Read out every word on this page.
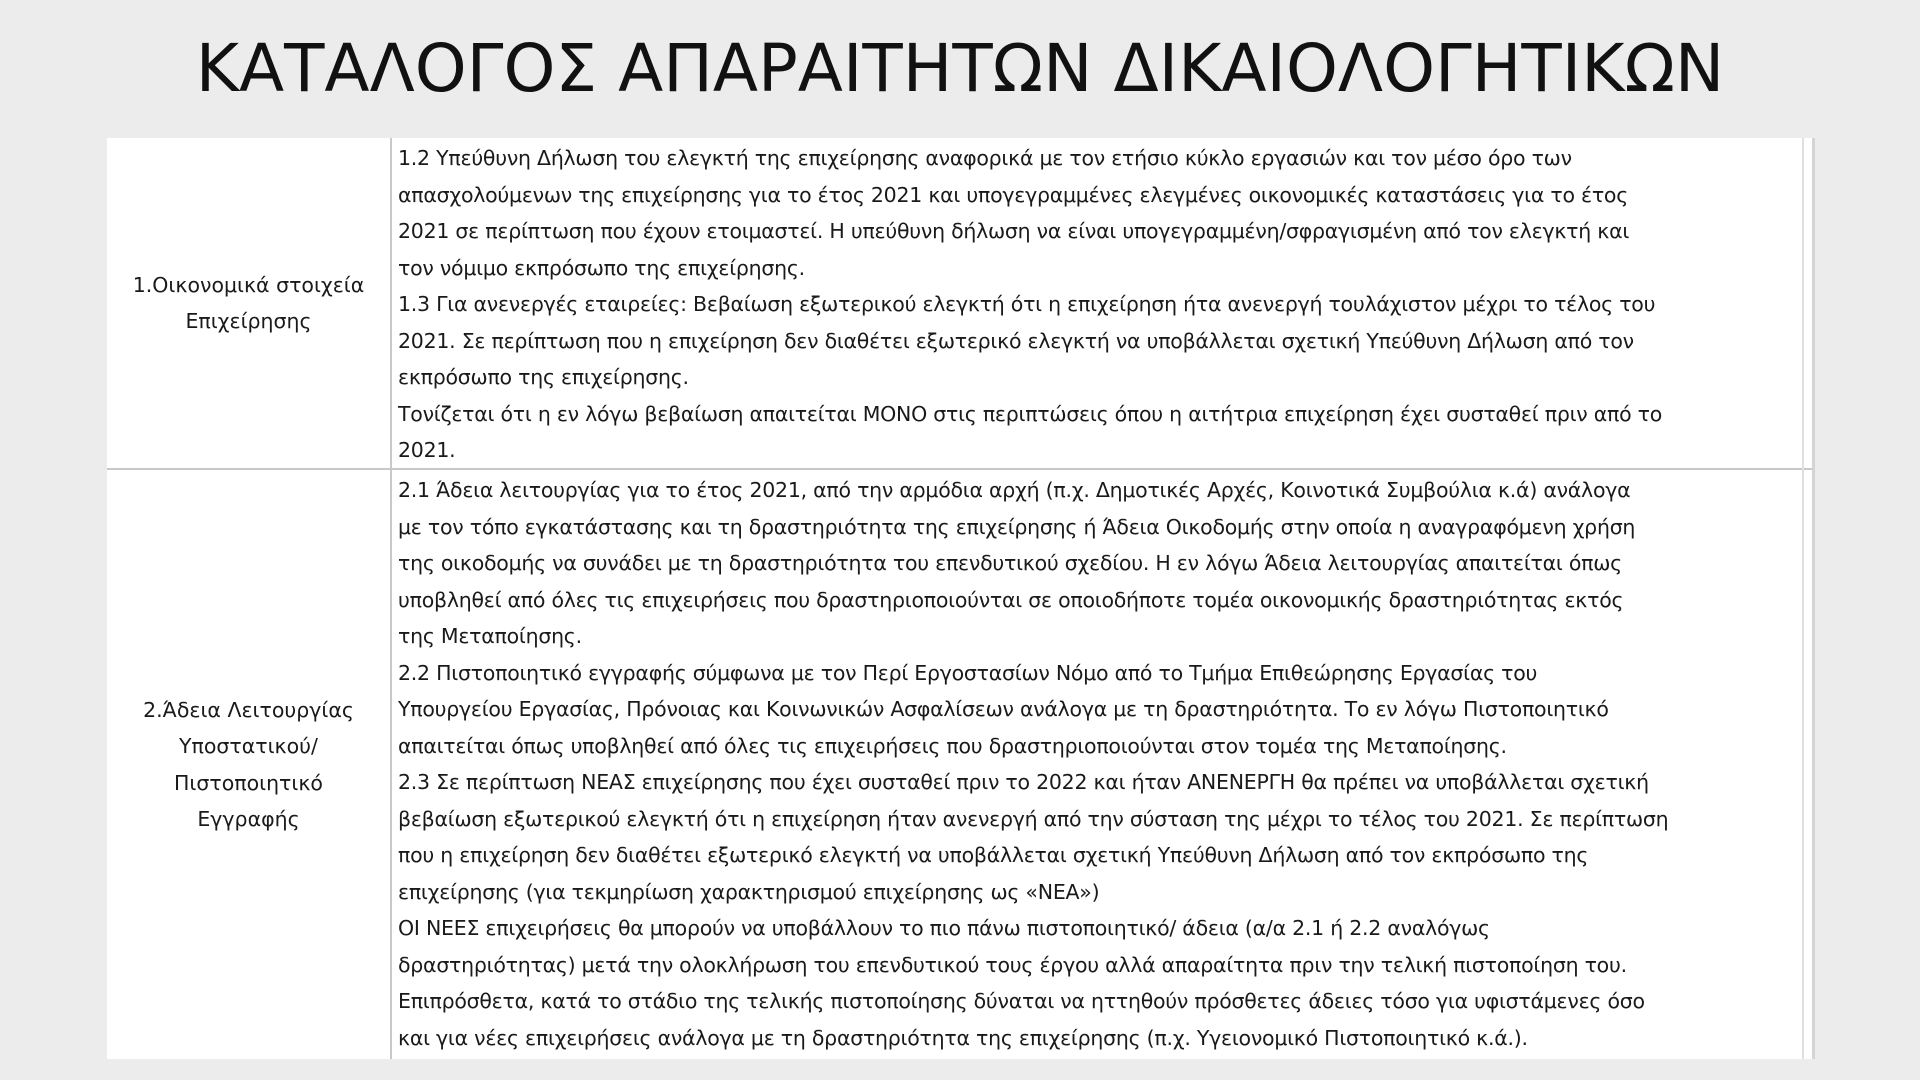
ΚΑΤΑΛΟΓΟΣ ΑΠΑΡΑΙΤΗΤΩΝ ΔΙΚΑΙΟΛΟΓΗΤΙΚΩΝ
1.Οικονομικά στοιχεία
Επιχείρησης

1.2 Υπεύθυνη Δήλωση του ελεγκτή της επιχείρησης αναφορικά με τον ετήσιο κύκλο εργασιών και τον μέσο όρο των
απασχολούμενων της επιχείρησης για το έτος 2021 και υπογεγραμμένες ελεγμένες οικονομικές καταστάσεις για το έτος
2021 σε περίπτωση που έχουν ετοιμαστεί. Η υπεύθυνη δήλωση να είναι υπογεγραμμένη/σφραγισμένη από τον ελεγκτή και
τον νόμιμο εκπρόσωπο της επιχείρησης.

1.3 Για ανενεργές εταιρείες: Βεβαίωση εξωτερικού ελεγκτή ότι η επιχείρηση ήτα ανενεργή τουλάχιστον μέχρι το τέλος του
2021. Σε περίπτωση που η επιχείρηση δεν διαθέτει εξωτερικό ελεγκτή να υποβάλλεται σχετική Υπεύθυνη Δήλωση από τον
εκπρόσωπο της επιχείρησης.

Τονίζεται ότι η εν λόγω βεβαίωση απαιτείται ΜΟΝΟ στις περιπτώσεις όπου η αιτήτρια επιχείρηση έχει συσταθεί πριν από το
2021.

2.Άδεια Λειτουργίας
Υποστατικού/
Πιστοποιητικό
Εγγραφής

2.1 Άδεια λειτουργίας για το έτος 2021, από την αρμόδια αρχή (π.χ. Δημοτικές Αρχές, Κοινοτικά Συμβούλια κ.ά) ανάλογα
με τον τόπο εγκατάστασης και τη δραστηριότητα της επιχείρησης ή Άδεια Οικοδομής στην οποία η αναγραφόμενη χρήση
της οικοδομής να συνάδει με τη δραστηριότητα του επενδυτικού σχεδίου. Η εν λόγω Άδεια λειτουργίας απαιτείται όπως
υποβληθεί από όλες τις επιχειρήσεις που δραστηριοποιούνται σε οποιοδήποτε τομέα οικονομικής δραστηριότητας εκτός
της Μεταποίησης.

2.2 Πιστοποιητικό εγγραφής σύμφωνα με τον Περί Εργοστασίων Νόμο από το Τμήμα Επιθεώρησης Εργασίας του
Υπουργείου Εργασίας, Πρόνοιας και Κοινωνικών Ασφαλίσεων ανάλογα με τη δραστηριότητα. Το εν λόγω Πιστοποιητικό
απαιτείται όπως υποβληθεί από όλες τις επιχειρήσεις που δραστηριοποιούνται στον τομέα της Μεταποίησης.

2.3 Σε περίπτωση ΝΕΑΣ επιχείρησης που έχει συσταθεί πριν το 2022 και ήταν ΑΝΕΝΕΡΓΗ θα πρέπει να υποβάλλεται σχετική
βεβαίωση εξωτερικού ελεγκτή ότι η επιχείρηση ήταν ανενεργή από την σύσταση της μέχρι το τέλος του 2021. Σε περίπτωση
που η επιχείρηση δεν διαθέτει εξωτερικό ελεγκτή να υποβάλλεται σχετική Υπεύθυνη Δήλωση από τον εκπρόσωπο της
επιχείρησης (για τεκμηρίωση χαρακτηρισμού επιχείρησης ως «ΝΕΑ»)

ΟΙ ΝΕΕΣ επιχειρήσεις θα μπορούν να υποβάλλουν το πιο πάνω πιστοποιητικό/ άδεια (α/α 2.1 ή 2.2 αναλόγως
δραστηριότητας) μετά την ολοκλήρωση του επενδυτικού τους έργου αλλά απαραίτητα πριν την τελική πιστοποίηση του.
Επιπρόσθετα, κατά το στάδιο της τελικής πιστοποίησης δύναται να ηττηθούν πρόσθετες άδειες τόσο για υφιστάμενες όσο
και για νέες επιχειρήσεις ανάλογα με τη δραστηριότητα της επιχείρησης (π.χ. Υγειονομικό Πιστοποιητικό κ.ά.).
